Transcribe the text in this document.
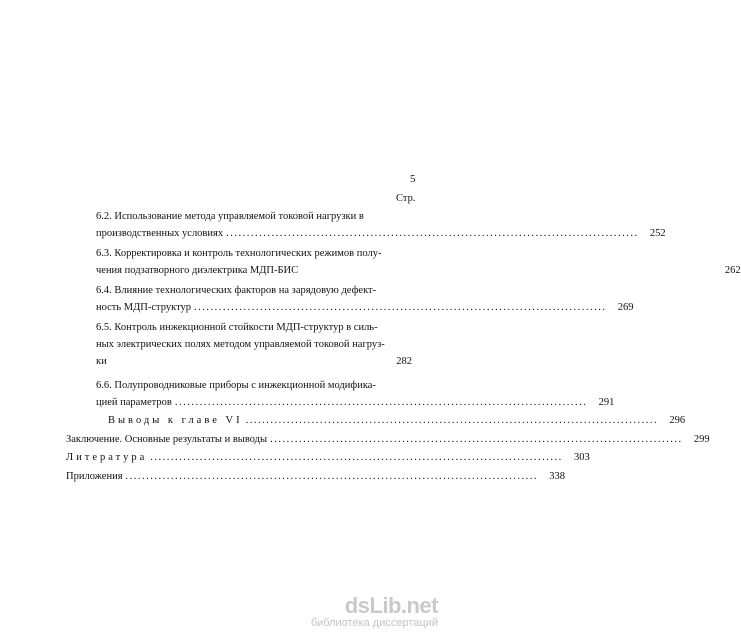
5
Стр.
6.2. Использование метода управляемой токовой нагрузки в
производственных условиях ....................................................................................................	252
6.3. Корректировка и контроль технологических режимов полу-
чения подзатворного диэлектрика МДП-БИС	262
6.4. Влияние технологических факторов на зарядовую дефект-
ность МДП-структур ....................................................................................................	269
6.5. Контроль инжекционной стойкости МДП-структур в силь-
ных электрических полях методом управляемой токовой нагруз-
ки	282
6.6. Полупроводниковые приборы с инжекционной модифика-
цией параметров ....................................................................................................	291
Выводы к главе VI ....................................................................................................	296
Заключение. Основные результаты и выводы ....................................................................................................	299
Литература ....................................................................................................	303
Приложения ....................................................................................................	338
dsLib.net
библиотека диссертаций
